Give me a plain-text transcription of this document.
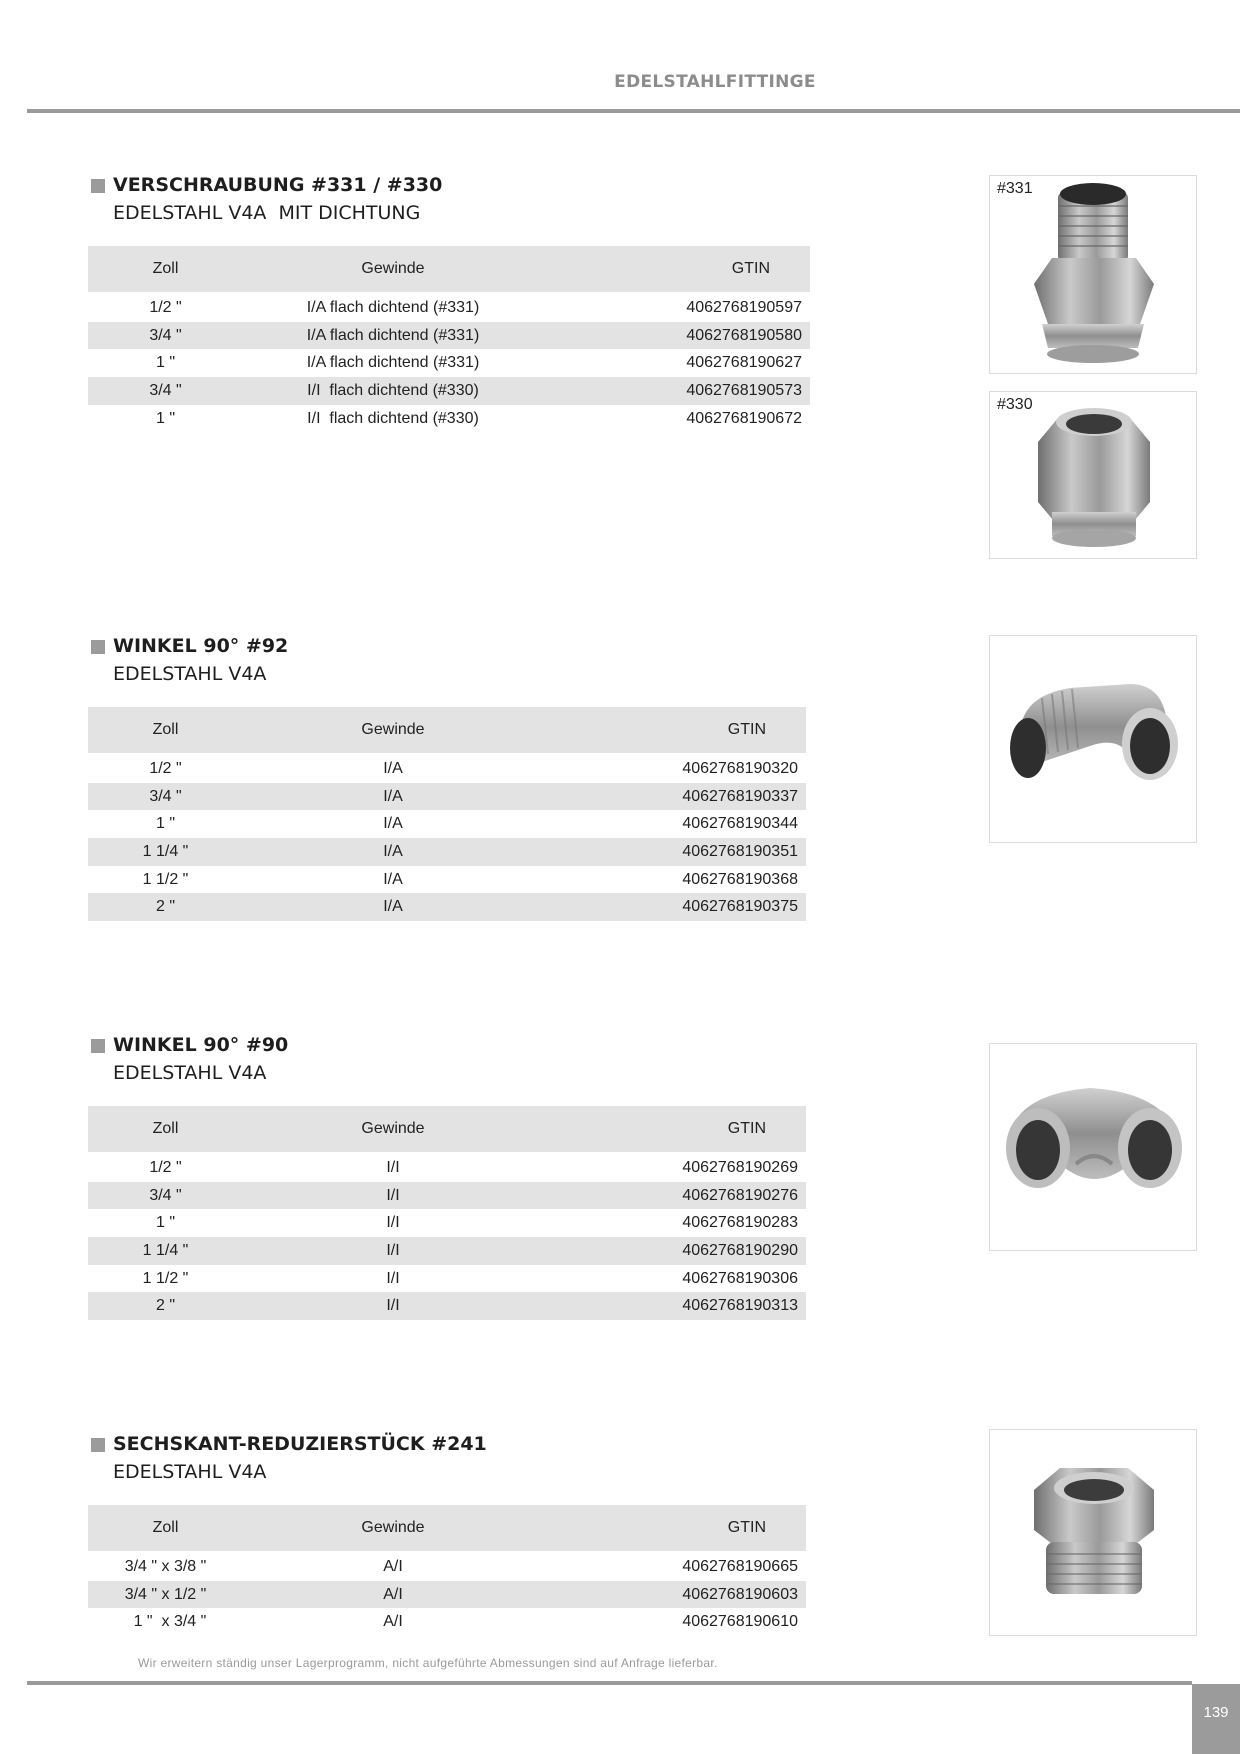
EDELSTAHLFITTINGE
VERSCHRAUBUNG #331 / #330
EDELSTAHL V4A  MIT DICHTUNG
Zoll	Gewinde	GTIN
1/2 "	I/A flach dichtend (#331)	4062768190597
3/4 "	I/A flach dichtend (#331)	4062768190580
1 "	I/A flach dichtend (#331)	4062768190627
3/4 "	I/I  flach dichtend (#330)	4062768190573
1 "	I/I  flach dichtend (#330)	4062768190672
#331
#330
WINKEL 90° #92
EDELSTAHL V4A
Zoll	Gewinde	GTIN
1/2 "	I/A	4062768190320
3/4 "	I/A	4062768190337
1 "	I/A	4062768190344
1 1/4 "	I/A	4062768190351
1 1/2 "	I/A	4062768190368
2 "	I/A	4062768190375
WINKEL 90° #90
EDELSTAHL V4A
Zoll	Gewinde	GTIN
1/2 "	I/I	4062768190269
3/4 "	I/I	4062768190276
1 "	I/I	4062768190283
1 1/4 "	I/I	4062768190290
1 1/2 "	I/I	4062768190306
2 "	I/I	4062768190313
SECHSKANT-REDUZIERSTÜCK #241
EDELSTAHL V4A
Zoll	Gewinde	GTIN
3/4 " x 3/8 "	A/I	4062768190665
3/4 " x 1/2 "	A/I	4062768190603
1 "  x 3/4 "	A/I	4062768190610
Wir erweitern ständig unser Lagerprogramm, nicht aufgeführte Abmessungen sind auf Anfrage lieferbar.
139
